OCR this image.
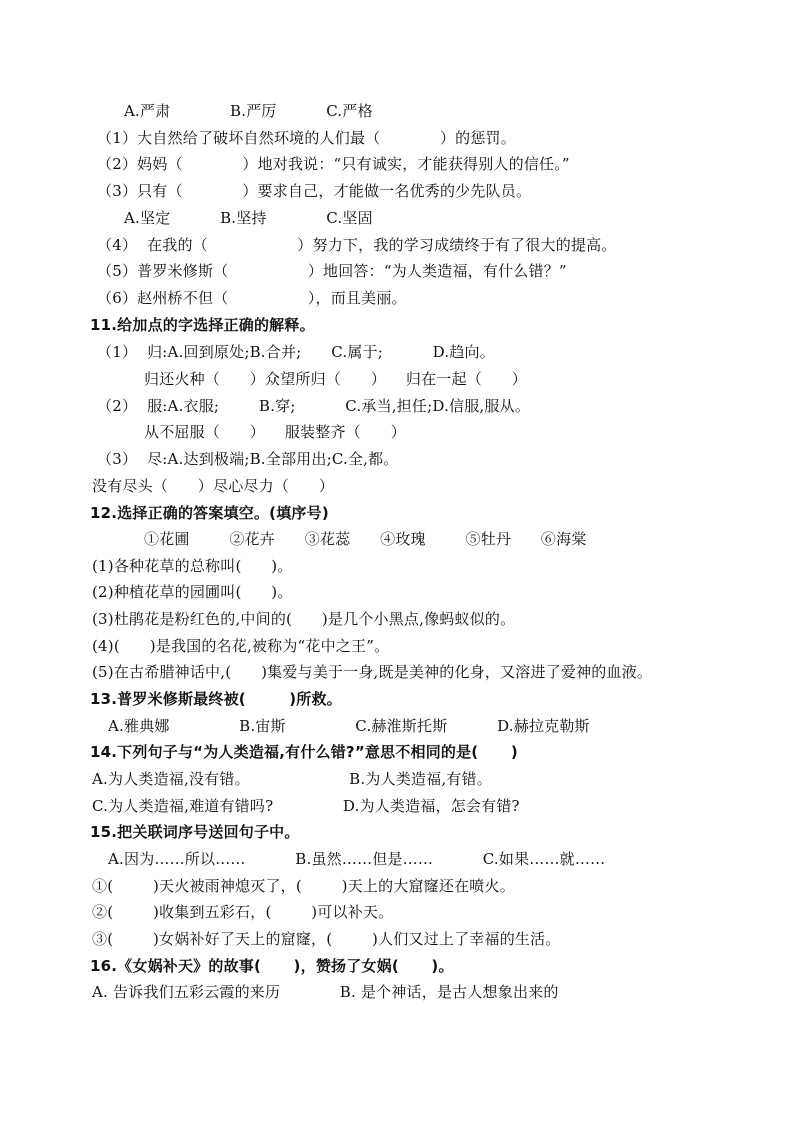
A.严肃            B.严厉          C.严格
（1）大自然给了破坏自然环境的人们最（            ）的惩罚。
（2）妈妈（            ）地对我说：“只有诚实，才能获得别人的信任。”
（3）只有（            ）要求自己，才能做一名优秀的少先队员。
A.坚定          B.坚持            C.坚固
（4）  在我的（                  ）努力下，我的学习成绩终于有了很大的提高。
（5）普罗米修斯（                ）地回答：“为人类造福，有什么错？”
（6）赵州桥不但（                ），而且美丽。
11.给加点的字选择正确的解释。
（1）  归:A.回到原处;B.合并;      C.属于;          D.趋向。
归还火种（      ）众望所归（      ）    归在一起（      ）
（2）  服:A.衣服;        B.穿;          C.承当,担任;D.信服,服从。
从不屈服（      ）    服装整齐（      ）
（3）  尽:A.达到极端;B.全部用出;C.全,都。
没有尽头（      ）尽心尽力（      ）
12.选择正确的答案填空。(填序号)
①花圃        ②花卉      ③花蕊      ④玫瑰        ⑤牡丹      ⑥海棠
(1)各种花草的总称叫(      )。
(2)种植花草的园圃叫(      )。
(3)杜鹃花是粉红色的,中间的(      )是几个小黑点,像蚂蚁似的。
(4)(      )是我国的名花,被称为“花中之王”。
(5)在古希腊神话中,(      )集爱与美于一身,既是美神的化身，又溶进了爱神的血液。
13.普罗米修斯最终被(        )所救。
A.雅典娜              B.宙斯              C.赫淮斯托斯          D.赫拉克勒斯
14.下列句子与“为人类造福,有什么错?”意思不相同的是(      )
A.为人类造福,没有错。                    B.为人类造福,有错。
C.为人类造福,难道有错吗?              D.为人类造福，怎会有错?
15.把关联词序号送回句子中。
A.因为……所以……          B.虽然……但是……          C.如果……就……
①(        )天火被雨神熄灭了，(        )天上的大窟窿还在喷火。
②(        )收集到五彩石，(        )可以补天。
③(        )女娲补好了天上的窟窿，(        )人们又过上了幸福的生活。
16.《女娲补天》的故事(      )，赞扬了女娲(      )。
A. 告诉我们五彩云霞的来历            B. 是个神话，是古人想象出来的
